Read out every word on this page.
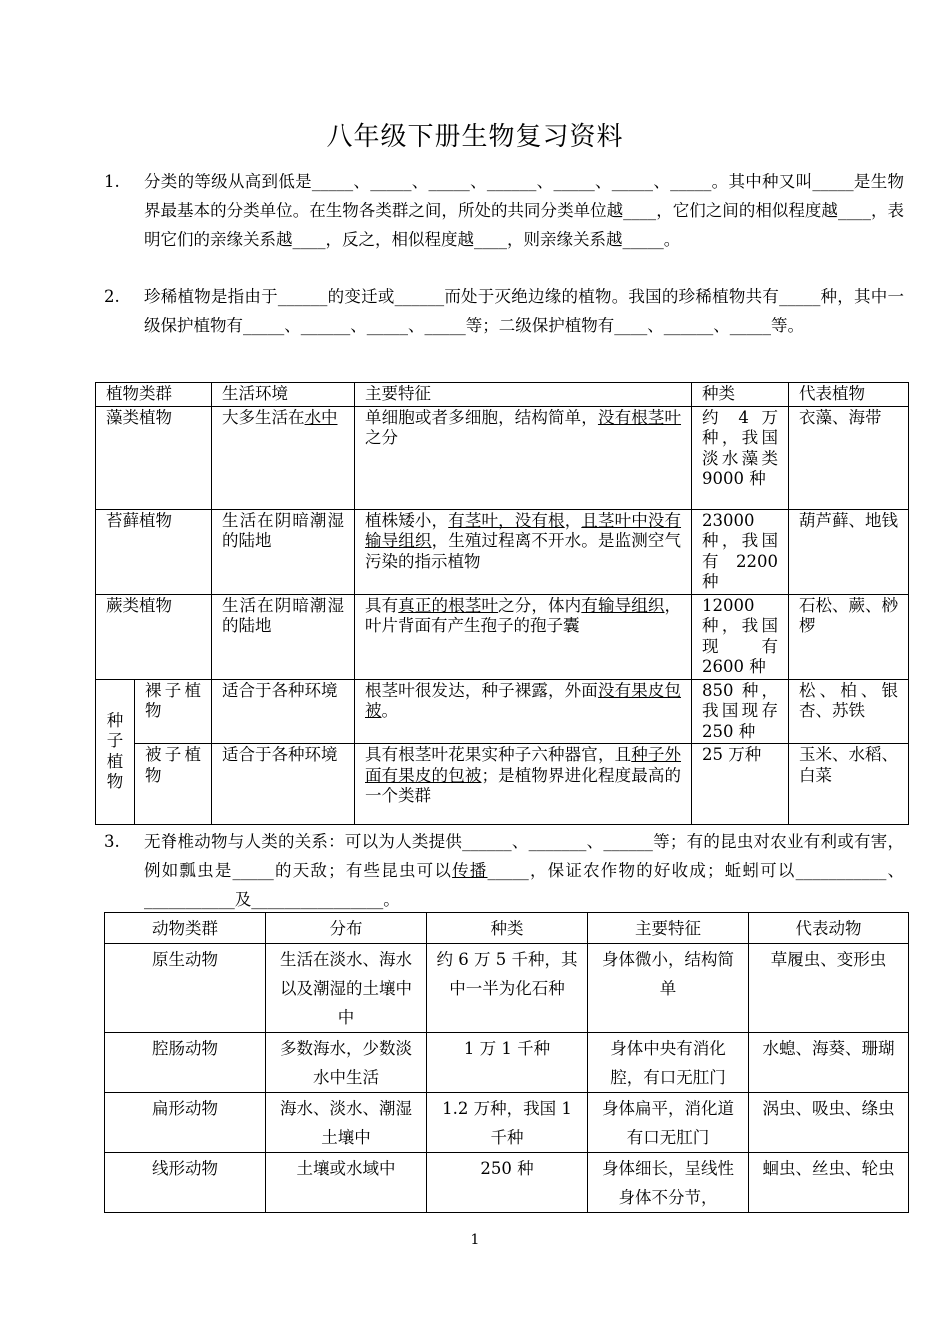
八年级下册生物复习资料
1. 分类的等级从高到低是_____、_____、_____、______、_____、_____、_____。其中种又叫_____是生物界最基本的分类单位。在生物各类群之间，所处的共同分类单位越____，它们之间的相似程度越____，表明它们的亲缘关系越____，反之，相似程度越____，则亲缘关系越_____。
2. 珍稀植物是指由于______的变迁或______而处于灭绝边缘的植物。我国的珍稀植物共有_____种，其中一级保护植物有_____、______、_____、_____等；二级保护植物有____、______、_____等。
植物类群		生活环境	主要特征	种类	代表植物
藻类植物		大多生活在水中	单细胞或者多细胞，结构简单，没有根茎叶之分	约 4 万种，我国淡水藻类 9000 种	衣藻、海带
苔藓植物		生活在阴暗潮湿的陆地	植株矮小，有茎叶，没有根，且茎叶中没有输导组织，生殖过程离不开水。是监测空气污染的指示植物	23000 种，我国有 2200 种	葫芦藓、地钱
蕨类植物		生活在阴暗潮湿的陆地	具有真正的根茎叶之分，体内有输导组织，叶片背面有产生孢子的孢子囊	12000 种，我国现有 2600 种	石松、蕨、桫椤
种子植物	裸子植物	适合于各种环境	根茎叶很发达，种子裸露，外面没有果皮包被。	850 种，我国现存 250 种	松、柏、银杏、苏铁
	被子植物	适合于各种环境	具有根茎叶花果实种子六种器官，且种子外面有果皮的包被；是植物界进化程度最高的一个类群	25 万种	玉米、水稻、白菜
3. 无脊椎动物与人类的关系：可以为人类提供______、_______、______等；有的昆虫对农业有利或有害，例如瓢虫是_____的天敌；有些昆虫可以传播_____，保证农作物的好收成；蚯蚓可以___________、___________及________________。
动物类群	分布	种类	主要特征	代表动物
原生动物	生活在淡水、海水以及潮湿的土壤中中	约 6 万 5 千种，其中一半为化石种	身体微小，结构简单	草履虫、变形虫
腔肠动物	多数海水，少数淡水中生活	1 万 1 千种	身体中央有消化腔，有口无肛门	水螅、海葵、珊瑚
扁形动物	海水、淡水、潮湿土壤中	1.2 万种，我国 1 千种	身体扁平，消化道有口无肛门	涡虫、吸虫、绦虫
线形动物	土壤或水域中	250 种	身体细长，呈线性身体不分节，	蛔虫、丝虫、轮虫
1
